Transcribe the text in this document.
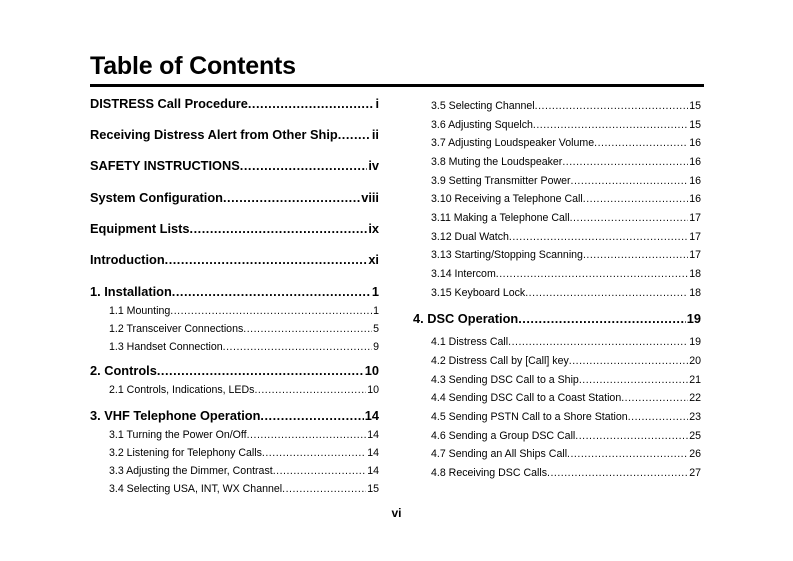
Table of Contents
DISTRESS Call Procedure .....	i
Receiving Distress Alert from Other Ship .....	ii
SAFETY INSTRUCTIONS .....	iv
System Configuration .....	viii
Equipment Lists .....	ix
Introduction .....	xi
1. Installation .....	1
1.1 Mounting .....	1
1.2 Transceiver Connections .....	5
1.3 Handset Connection .....	9
2. Controls .....	10
2.1 Controls, Indications, LEDs .....	10
3. VHF Telephone Operation .....	14
3.1 Turning the Power On/Off .....	14
3.2 Listening for Telephony Calls .....	14
3.3 Adjusting the Dimmer, Contrast .....	14
3.4 Selecting USA, INT, WX Channel .....	15
3.5 Selecting Channel .....	15
3.6 Adjusting Squelch .....	15
3.7 Adjusting Loudspeaker Volume .....	16
3.8 Muting the Loudspeaker .....	16
3.9 Setting Transmitter Power .....	16
3.10 Receiving a Telephone Call .....	16
3.11 Making a Telephone Call .....	17
3.12 Dual Watch .....	17
3.13 Starting/Stopping Scanning .....	17
3.14 Intercom .....	18
3.15 Keyboard Lock .....	18
4. DSC Operation .....	19
4.1 Distress Call .....	19
4.2 Distress Call by [Call] key .....	20
4.3 Sending DSC Call to a Ship .....	21
4.4 Sending DSC Call to a Coast Station .....	22
4.5 Sending PSTN Call to a Shore Station .....	23
4.6 Sending a Group DSC Call .....	25
4.7 Sending an All Ships Call .....	26
4.8 Receiving DSC Calls .....	27
vi
